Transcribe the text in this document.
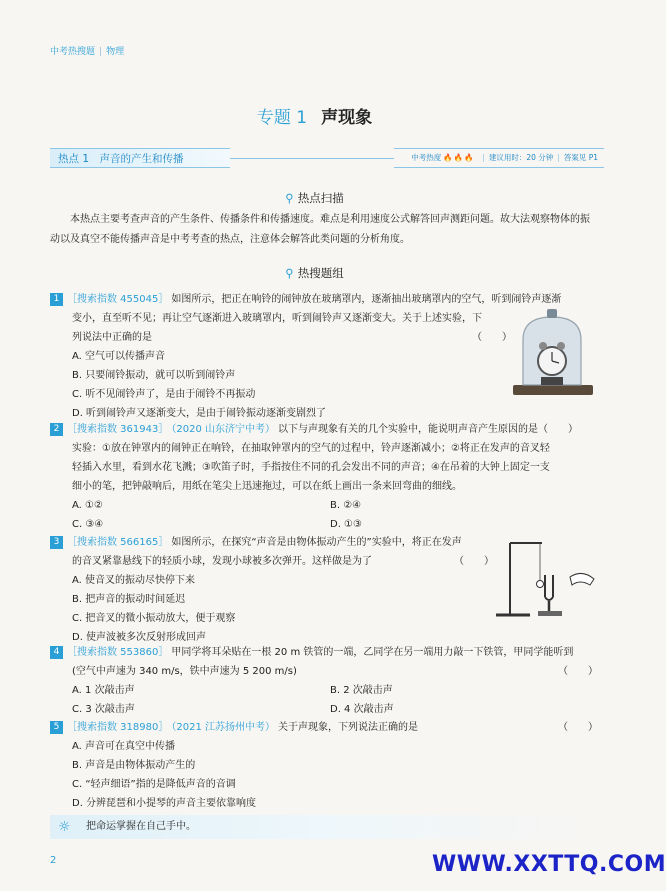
中考热搜题 | 物理
专题 1 声现象
热点 1　声音的产生和传播	中考热度 🔥🔥🔥 | 建议用时：20 分钟 | 答案见 P1
⚲ 热点扫描
本热点主要考查声音的产生条件、传播条件和传播速度。难点是利用速度公式解答回声测距问题。故大法观察物体的振动以及真空不能传播声音是中考考查的热点，注意体会解答此类问题的分析角度。
⚲ 热搜题组
1 ［搜索指数 455045］ 如图所示，把正在响铃的闹钟放在玻璃罩内，逐渐抽出玻璃罩内的空气，听到闹铃声逐渐
变小，直至听不见；再让空气逐渐进入玻璃罩内，听到闹铃声又逐渐变大。关于上述实验，下
列说法中正确的是	（　　）
A. 空气可以传播声音
B. 只要闹铃振动，就可以听到闹铃声
C. 听不见闹铃声了，是由于闹铃不再振动
D. 听到闹铃声又逐渐变大，是由于闹铃振动逐渐变剧烈了
2 ［搜索指数 361943］ （2020 山东济宁中考） 以下与声现象有关的几个实验中，能说明声音产生原因的是（　　）
实验：①放在钟罩内的闹钟正在响铃，在抽取钟罩内的空气的过程中，铃声逐渐减小；②将正在发声的音叉轻
轻插入水里，看到水花飞溅；③吹笛子时，手指按住不同的孔会发出不同的声音；④在吊着的大钟上固定一支
细小的笔，把钟敲响后，用纸在笔尖上迅速拖过，可以在纸上画出一条来回弯曲的细线。
A. ①②	B. ②④
C. ③④	D. ①③
3 ［搜索指数 566165］ 如图所示，在探究“声音是由物体振动产生的”实验中，将正在发声
的音叉紧靠悬线下的轻质小球，发现小球被多次弹开。这样做是为了	（　　）
A. 使音叉的振动尽快停下来
B. 把声音的振动时间延迟
C. 把音叉的微小振动放大，便于观察
D. 使声波被多次反射形成回声
4 ［搜索指数 553860］ 甲同学将耳朵贴在一根 20 m 铁管的一端，乙同学在另一端用力敲一下铁管，甲同学能听到
(空气中声速为 340 m/s，铁中声速为 5 200 m/s)	（　　）
A. 1 次敲击声	B. 2 次敲击声
C. 3 次敲击声	D. 4 次敲击声
5 ［搜索指数 318980］ （2021 江苏扬州中考） 关于声现象，下列说法正确的是	（　　）
A. 声音可在真空中传播
B. 声音是由物体振动产生的
C. “轻声细语”指的是降低声音的音调
D. 分辨琵琶和小提琴的声音主要依靠响度
☼ 把命运掌握在自己手中。
2	WWW.XXTTQ.COM
